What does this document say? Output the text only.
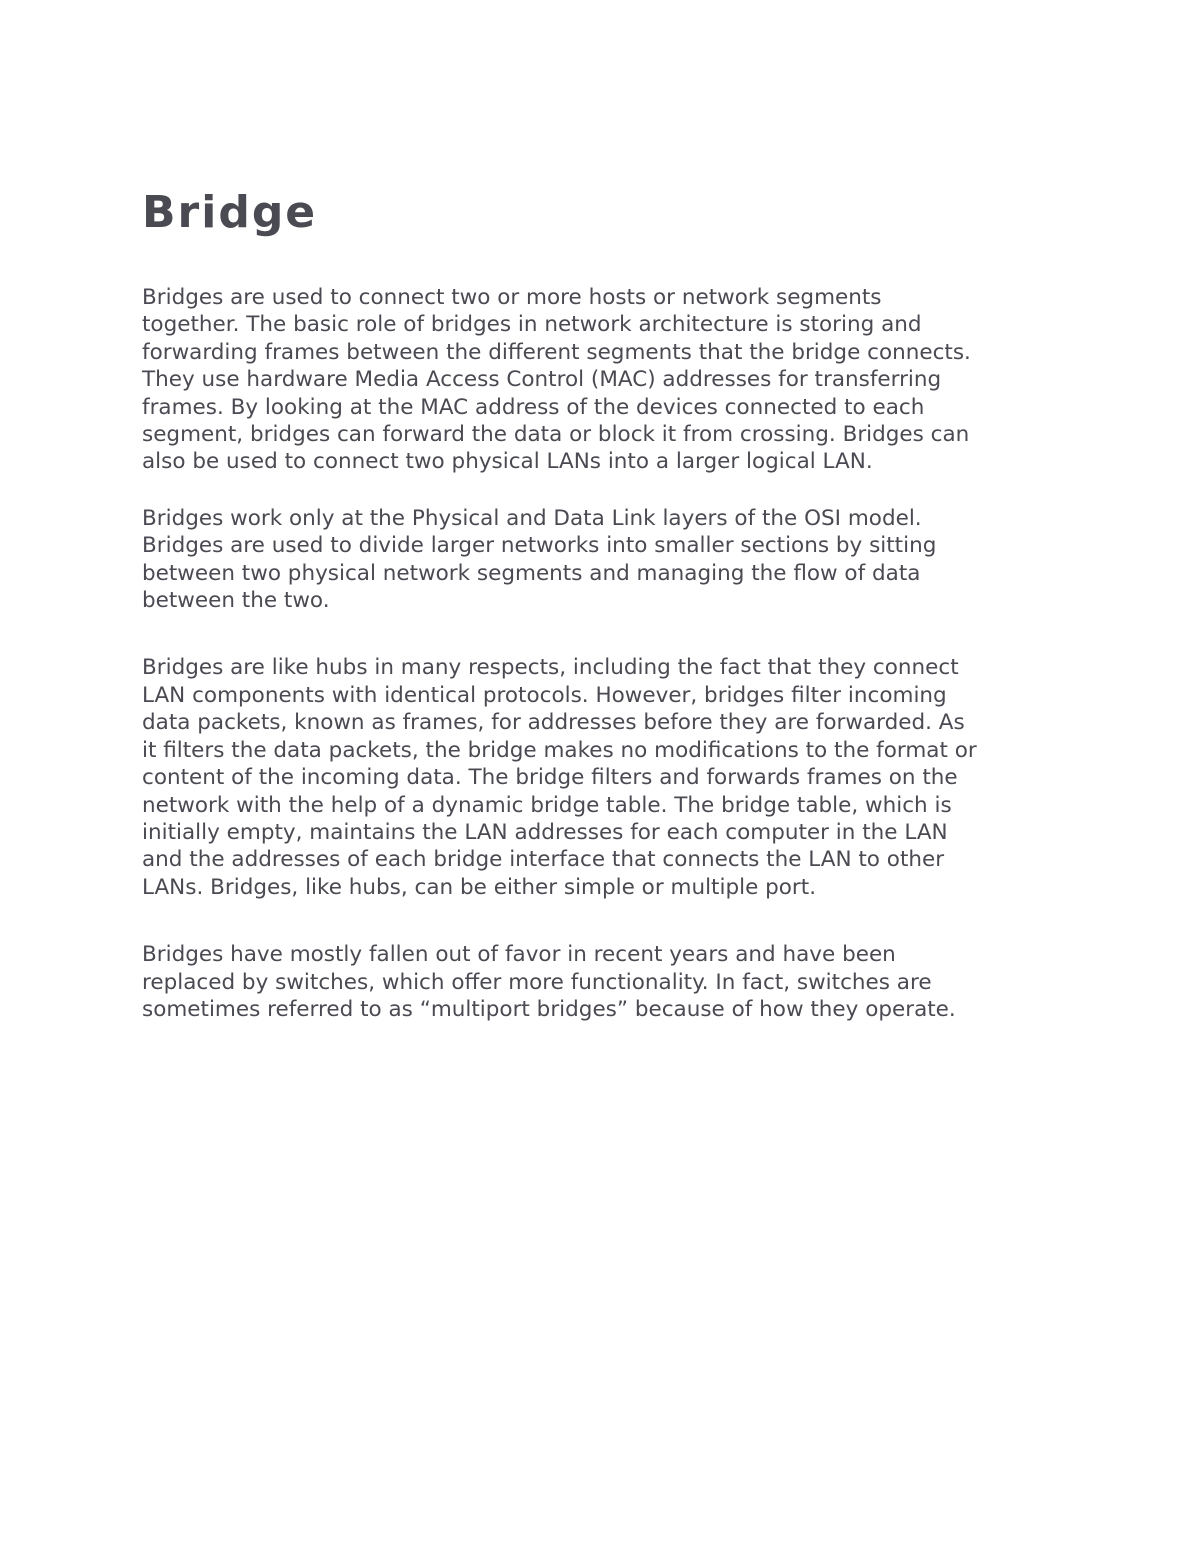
Bridge

Bridges are used to connect two or more hosts or network segments
together. The basic role of bridges in network architecture is storing and
forwarding frames between the different segments that the bridge connects.
They use hardware Media Access Control (MAC) addresses for transferring
frames. By looking at the MAC address of the devices connected to each
segment, bridges can forward the data or block it from crossing. Bridges can
also be used to connect two physical LANs into a larger logical LAN.

Bridges work only at the Physical and Data Link layers of the OSI model.
Bridges are used to divide larger networks into smaller sections by sitting
between two physical network segments and managing the flow of data
between the two.

Bridges are like hubs in many respects, including the fact that they connect
LAN components with identical protocols. However, bridges filter incoming
data packets, known as frames, for addresses before they are forwarded. As
it filters the data packets, the bridge makes no modifications to the format or
content of the incoming data. The bridge filters and forwards frames on the
network with the help of a dynamic bridge table. The bridge table, which is
initially empty, maintains the LAN addresses for each computer in the LAN
and the addresses of each bridge interface that connects the LAN to other
LANs. Bridges, like hubs, can be either simple or multiple port.

Bridges have mostly fallen out of favor in recent years and have been
replaced by switches, which offer more functionality. In fact, switches are
sometimes referred to as “multiport bridges” because of how they operate.
